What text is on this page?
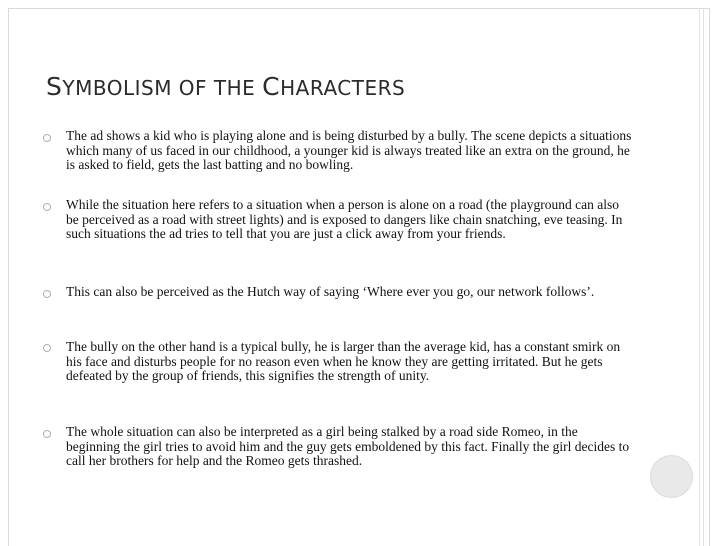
SYMBOLISM OF THE CHARACTERS

The ad shows a kid who is playing alone and is being disturbed by a bully. The scene depicts a situations which many of us faced in our childhood, a younger kid is always treated like an extra on the ground, he is asked to field, gets the last batting and no bowling.

While the situation here refers to a situation when a person is alone on a road (the playground can also be perceived as a road with street lights) and is exposed to dangers like chain snatching, eve teasing. In such situations the ad tries to tell that you are just a click away from your friends.

This can also be perceived as the Hutch way of saying ‘Where ever you go, our network follows’.

The bully on the other hand is a typical bully, he is larger than the average kid, has a constant smirk on his face and disturbs people for no reason even when he know they are getting irritated. But he gets defeated by the group of friends, this signifies the strength of unity.

The whole situation can also be interpreted as a girl being stalked by a road side Romeo, in the beginning the girl tries to avoid him and the guy gets emboldened by this fact. Finally the girl decides to call her brothers for help and the Romeo gets thrashed.
